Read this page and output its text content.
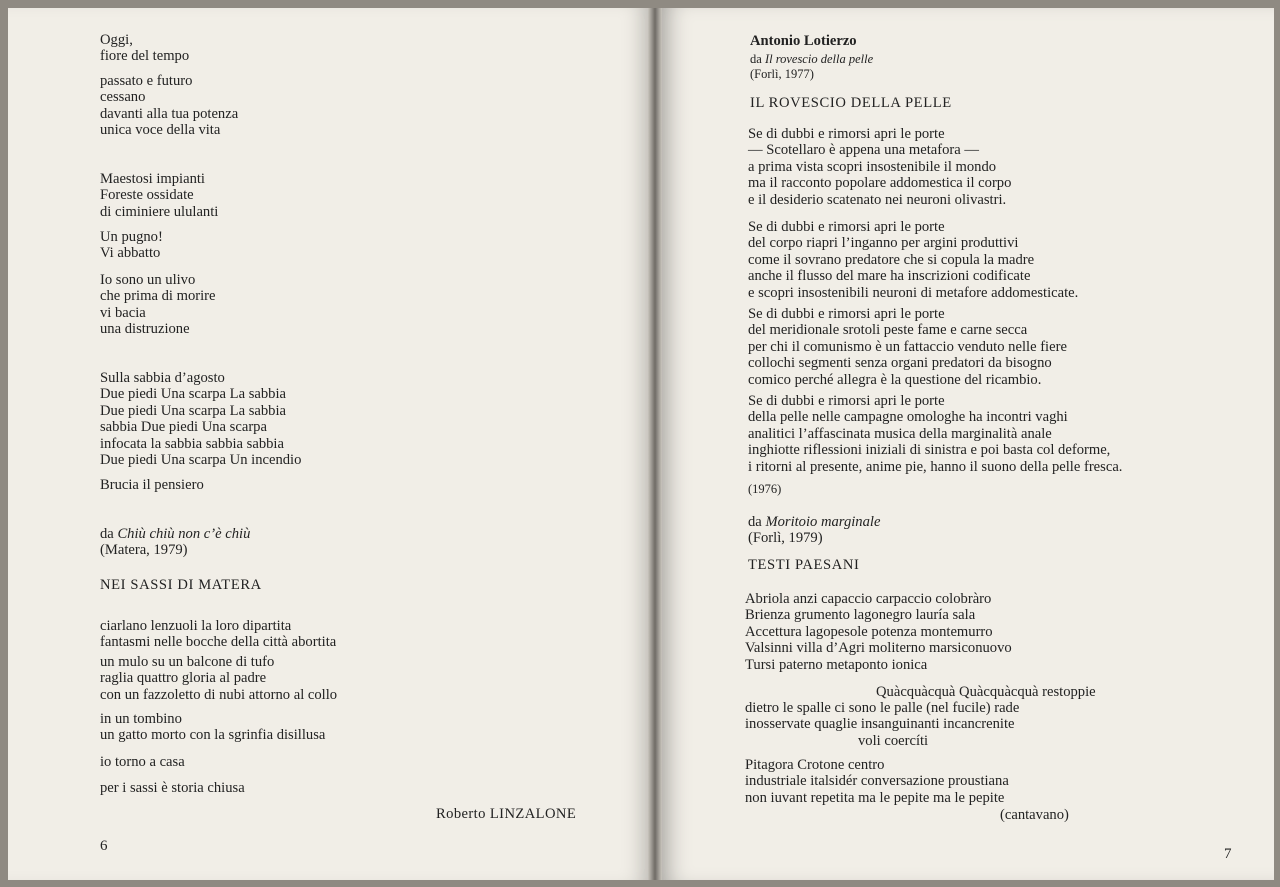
Oggi,
fiore del tempo
passato e futuro
cessano
davanti alla tua potenza
unica voce della vita
Maestosi impianti
Foreste ossidate
di ciminiere ululanti
Un pugno!
Vi abbatto
Io sono un ulivo
che prima di morire
vi bacia
una distruzione
Sulla sabbia d’agosto
Due piedi Una scarpa La sabbia
Due piedi Una scarpa La sabbia
sabbia Due piedi Una scarpa
infocata la sabbia sabbia sabbia
Due piedi Una scarpa Un incendio
Brucia il pensiero
da Chiù chiù non c’è chiù
(Matera, 1979)
NEI SASSI DI MATERA
ciarlano lenzuoli la loro dipartita
fantasmi nelle bocche della città abortita
un mulo su un balcone di tufo
raglia quattro gloria al padre
con un fazzoletto di nubi attorno al collo
in un tombino
un gatto morto con la sgrinfia disillusa
io torno a casa
per i sassi è storia chiusa
Roberto LINZALONE
6
Antonio Lotierzo
da Il rovescio della pelle
(Forlì, 1977)
IL ROVESCIO DELLA PELLE
Se di dubbi e rimorsi apri le porte
— Scotellaro è appena una metafora —
a prima vista scopri insostenibile il mondo
ma il racconto popolare addomestica il corpo
e il desiderio scatenato nei neuroni olivastri.
Se di dubbi e rimorsi apri le porte
del corpo riapri l’inganno per argini produttivi
come il sovrano predatore che si copula la madre
anche il flusso del mare ha inscrizioni codificate
e scopri insostenibili neuroni di metafore addomesticate.
Se di dubbi e rimorsi apri le porte
del meridionale srotoli peste fame e carne secca
per chi il comunismo è un fattaccio venduto nelle fiere
collochi segmenti senza organi predatori da bisogno
comico perché allegra è la questione del ricambio.
Se di dubbi e rimorsi apri le porte
della pelle nelle campagne omologhe ha incontri vaghi
analitici l’affascinata musica della marginalità anale
inghiotte riflessioni iniziali di sinistra e poi basta col deforme,
i ritorni al presente, anime pie, hanno il suono della pelle fresca.
(1976)
da Moritoio marginale
(Forlì, 1979)
TESTI PAESANI
Abriola anzi capaccio carpaccio colobràro
Brienza grumento lagonegro lauría sala
Accettura lagopesole potenza montemurro
Valsinni villa d’Agri moliterno marsiconuovo
Tursi paterno metaponto ionica
Quàcquàcquà Quàcquàcquà restoppie
dietro le spalle ci sono le palle (nel fucile) rade
inosservate quaglie insanguinanti incancrenite
voli coercíti
Pitagora Crotone centro
industriale italsidér conversazione proustiana
non iuvant repetita ma le pepite ma le pepite
(cantavano)
7
